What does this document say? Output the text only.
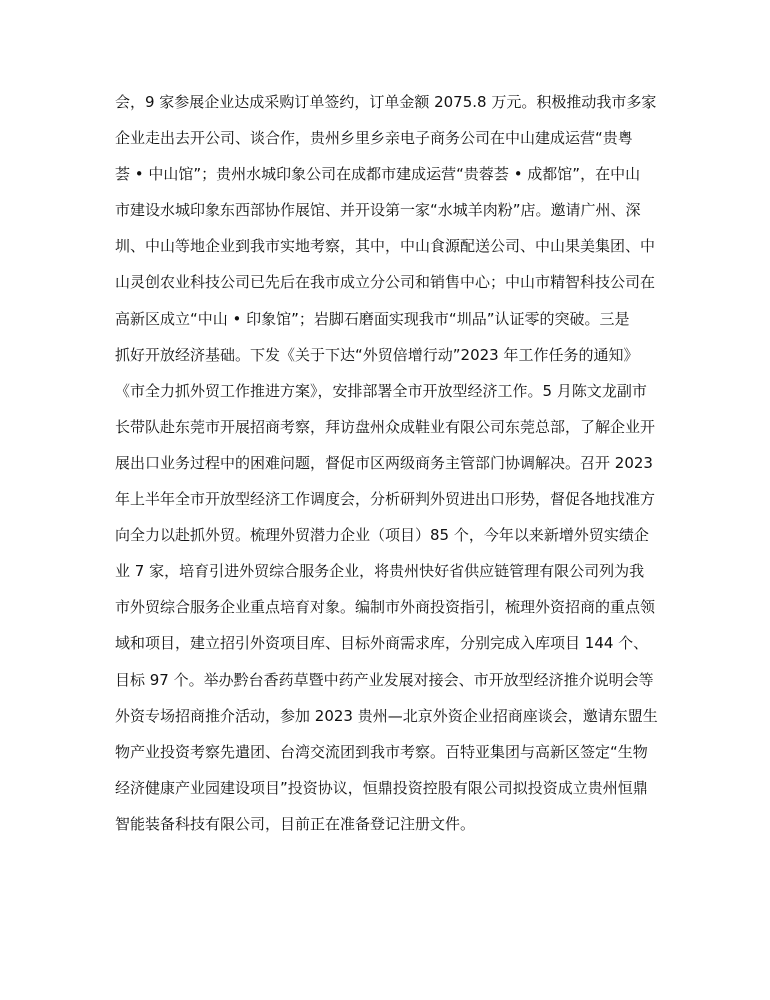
会，9 家参展企业达成采购订单签约，订单金额 2075.8 万元。积极推动我市多家
企业走出去开公司、谈合作，贵州乡里乡亲电子商务公司在中山建成运营“贵粤
荟 • 中山馆”；贵州水城印象公司在成都市建成运营“贵蓉荟 • 成都馆”，在中山
市建设水城印象东西部协作展馆、并开设第一家“水城羊肉粉”店。邀请广州、深
圳、中山等地企业到我市实地考察，其中，中山食源配送公司、中山果美集团、中
山灵创农业科技公司已先后在我市成立分公司和销售中心；中山市精智科技公司在
高新区成立“中山 • 印象馆”；岩脚石磨面实现我市“圳品”认证零的突破。三是
抓好开放经济基础。下发《关于下达“外贸倍增行动”2023 年工作任务的通知》
《市全力抓外贸工作推进方案》，安排部署全市开放型经济工作。5 月陈文龙副市
长带队赴东莞市开展招商考察，拜访盘州众成鞋业有限公司东莞总部，了解企业开
展出口业务过程中的困难问题，督促市区两级商务主管部门协调解决。召开 2023
年上半年全市开放型经济工作调度会，分析研判外贸进出口形势，督促各地找准方
向全力以赴抓外贸。梳理外贸潜力企业（项目）85 个，今年以来新增外贸实绩企
业 7 家，培育引进外贸综合服务企业，将贵州快好省供应链管理有限公司列为我
市外贸综合服务企业重点培育对象。编制市外商投资指引，梳理外资招商的重点领
域和项目，建立招引外资项目库、目标外商需求库，分别完成入库项目 144 个、
目标 97 个。举办黔台香药草暨中药产业发展对接会、市开放型经济推介说明会等
外资专场招商推介活动，参加 2023 贵州—北京外资企业招商座谈会，邀请东盟生
物产业投资考察先遣团、台湾交流团到我市考察。百特亚集团与高新区签定“生物
经济健康产业园建设项目”投资协议，恒鼎投资控股有限公司拟投资成立贵州恒鼎
智能装备科技有限公司，目前正在准备登记注册文件。
